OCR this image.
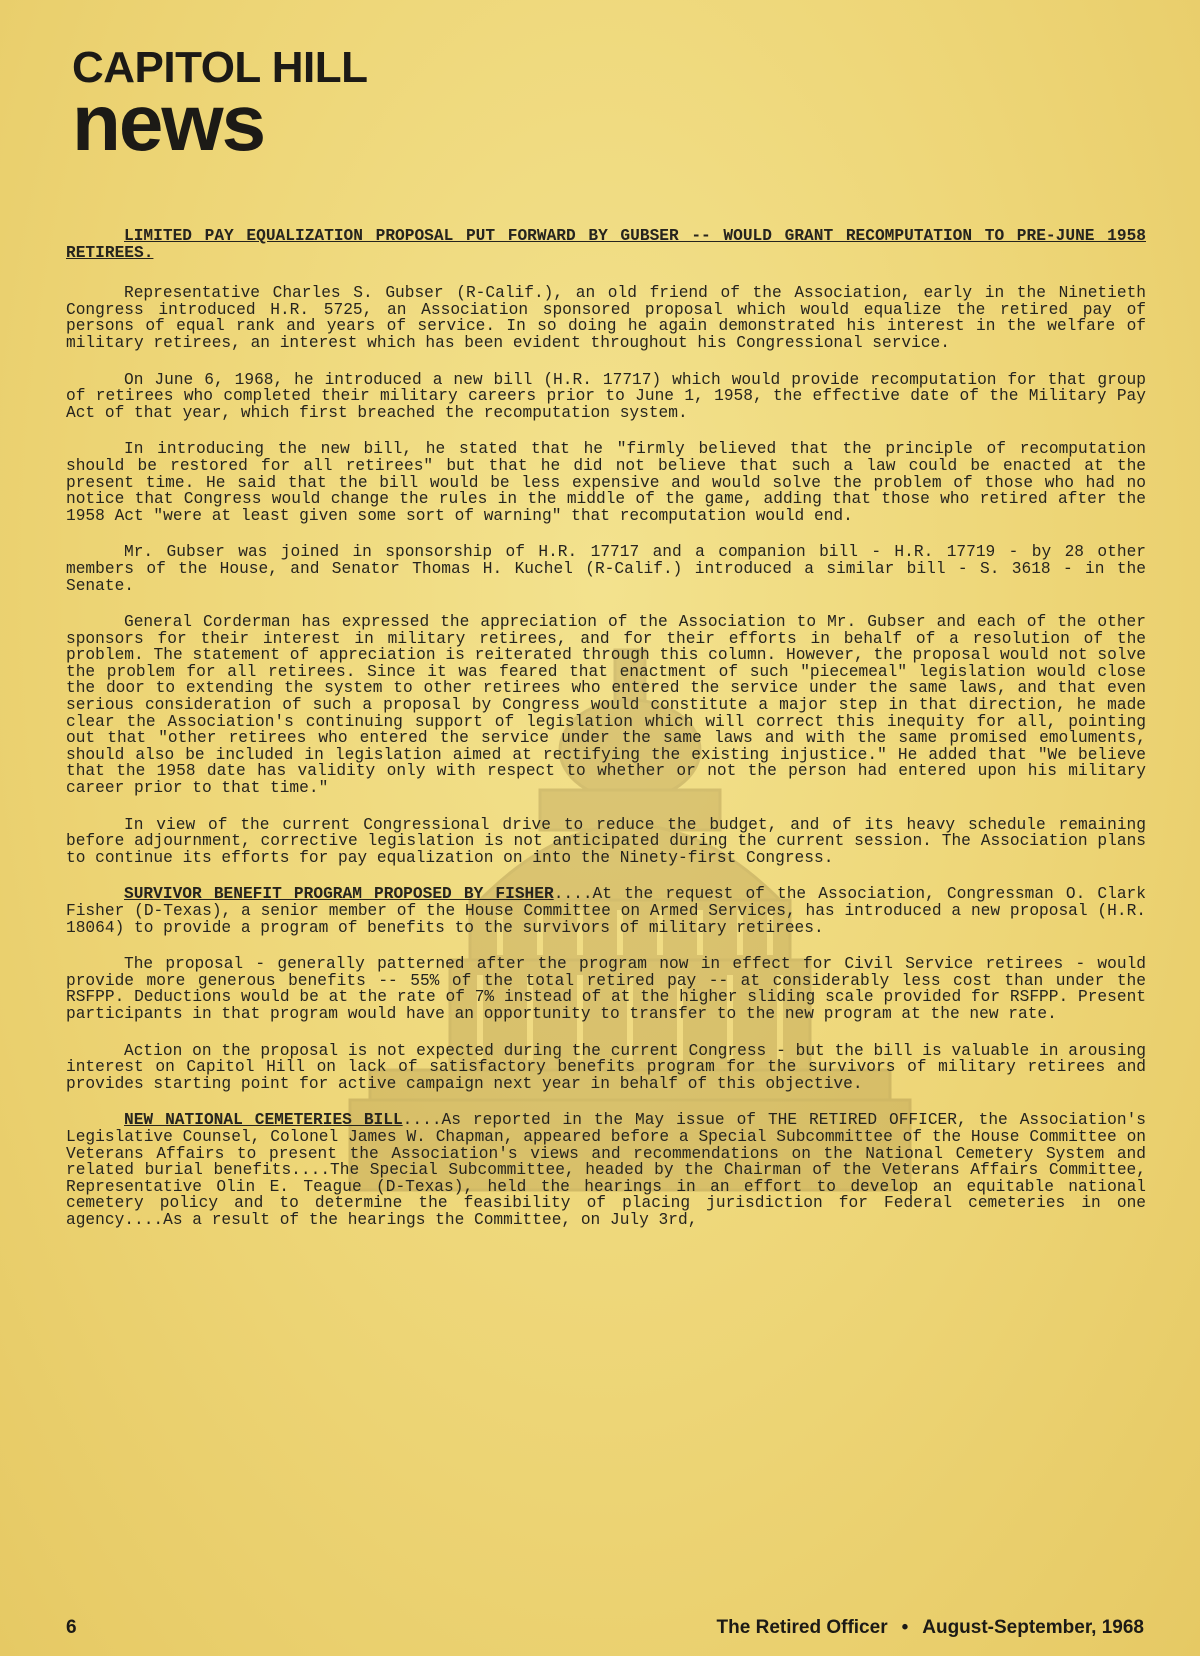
CAPITOL HILL
news

LIMITED PAY EQUALIZATION PROPOSAL PUT FORWARD BY GUBSER -- WOULD GRANT RECOMPUTATION TO PRE-JUNE 1958 RETIREES.

Representative Charles S. Gubser (R-Calif.), an old friend of the Association, early in the Ninetieth Congress introduced H.R. 5725, an Association sponsored proposal which would equalize the retired pay of persons of equal rank and years of service. In so doing he again demonstrated his interest in the welfare of military retirees, an interest which has been evident throughout his Congressional service.

On June 6, 1968, he introduced a new bill (H.R. 17717) which would provide recomputation for that group of retirees who completed their military careers prior to June 1, 1958, the effective date of the Military Pay Act of that year, which first breached the recomputation system.

In introducing the new bill, he stated that he "firmly believed that the principle of recomputation should be restored for all retirees" but that he did not believe that such a law could be enacted at the present time. He said that the bill would be less expensive and would solve the problem of those who had no notice that Congress would change the rules in the middle of the game, adding that those who retired after the 1958 Act "were at least given some sort of warning" that recomputation would end.

Mr. Gubser was joined in sponsorship of H.R. 17717 and a companion bill - H.R. 17719 - by 28 other members of the House, and Senator Thomas H. Kuchel (R-Calif.) introduced a similar bill - S. 3618 - in the Senate.

General Corderman has expressed the appreciation of the Association to Mr. Gubser and each of the other sponsors for their interest in military retirees, and for their efforts in behalf of a resolution of the problem. The statement of appreciation is reiterated through this column. However, the proposal would not solve the problem for all retirees. Since it was feared that enactment of such "piecemeal" legislation would close the door to extending the system to other retirees who entered the service under the same laws, and that even serious consideration of such a proposal by Congress would constitute a major step in that direction, he made clear the Association's continuing support of legislation which will correct this inequity for all, pointing out that "other retirees who entered the service under the same laws and with the same promised emoluments, should also be included in legislation aimed at rectifying the existing injustice." He added that "We believe that the 1958 date has validity only with respect to whether or not the person had entered upon his military career prior to that time."

In view of the current Congressional drive to reduce the budget, and of its heavy schedule remaining before adjournment, corrective legislation is not anticipated during the current session. The Association plans to continue its efforts for pay equalization on into the Ninety-first Congress.

SURVIVOR BENEFIT PROGRAM PROPOSED BY FISHER....At the request of the Association, Congressman O. Clark Fisher (D-Texas), a senior member of the House Committee on Armed Services, has introduced a new proposal (H.R. 18064) to provide a program of benefits to the survivors of military retirees.

The proposal - generally patterned after the program now in effect for Civil Service retirees - would provide more generous benefits -- 55% of the total retired pay -- at considerably less cost than under the RSFPP. Deductions would be at the rate of 7% instead of at the higher sliding scale provided for RSFPP. Present participants in that program would have an opportunity to transfer to the new program at the new rate.

Action on the proposal is not expected during the current Congress - but the bill is valuable in arousing interest on Capitol Hill on lack of satisfactory benefits program for the survivors of military retirees and provides starting point for active campaign next year in behalf of this objective.

NEW NATIONAL CEMETERIES BILL....As reported in the May issue of THE RETIRED OFFICER, the Association's Legislative Counsel, Colonel James W. Chapman, appeared before a Special Subcommittee of the House Committee on Veterans Affairs to present the Association's views and recommendations on the National Cemetery System and related burial benefits....The Special Subcommittee, headed by the Chairman of the Veterans Affairs Committee, Representative Olin E. Teague (D-Texas), held the hearings in an effort to develop an equitable national cemetery policy and to determine the feasibility of placing jurisdiction for Federal cemeteries in one agency....As a result of the hearings the Committee, on July 3rd,

6	The Retired Officer • August-September, 1968
